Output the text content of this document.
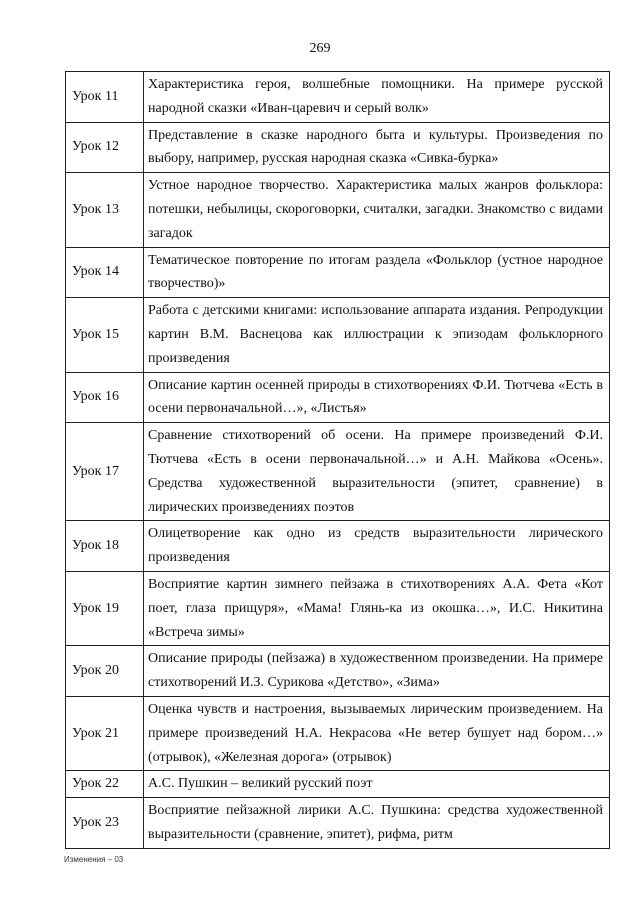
269
Урок 11	Характеристика героя, волшебные помощники. На примере русской народной сказки «Иван-царевич и серый волк»
Урок 12	Представление в сказке народного быта и культуры. Произведения по выбору, например, русская народная сказка «Сивка-бурка»
Урок 13	Устное народное творчество. Характеристика малых жанров фольклора: потешки, небылицы, скороговорки, считалки, загадки. Знакомство с видами загадок
Урок 14	Тематическое повторение по итогам раздела «Фольклор (устное народное творчество)»
Урок 15	Работа с детскими книгами: использование аппарата издания. Репродукции картин В.М. Васнецова как иллюстрации к эпизодам фольклорного произведения
Урок 16	Описание картин осенней природы в стихотворениях Ф.И. Тютчева «Есть в осени первоначальной…», «Листья»
Урок 17	Сравнение стихотворений об осени. На примере произведений Ф.И. Тютчева «Есть в осени первоначальной…» и А.Н. Майкова «Осень». Средства художественной выразительности (эпитет, сравнение) в лирических произведениях поэтов
Урок 18	Олицетворение как одно из средств выразительности лирического произведения
Урок 19	Восприятие картин зимнего пейзажа в стихотворениях А.А. Фета «Кот поет, глаза прищуря», «Мама! Глянь-ка из окошка…», И.С. Никитина «Встреча зимы»
Урок 20	Описание природы (пейзажа) в художественном произведении. На примере стихотворений И.З. Сурикова «Детство», «Зима»
Урок 21	Оценка чувств и настроения, вызываемых лирическим произведением. На примере произведений Н.А. Некрасова «Не ветер бушует над бором…» (отрывок), «Железная дорога» (отрывок)
Урок 22	А.С. Пушкин – великий русский поэт
Урок 23	Восприятие пейзажной лирики А.С. Пушкина: средства художественной выразительности (сравнение, эпитет), рифма, ритм
Изменения – 03
